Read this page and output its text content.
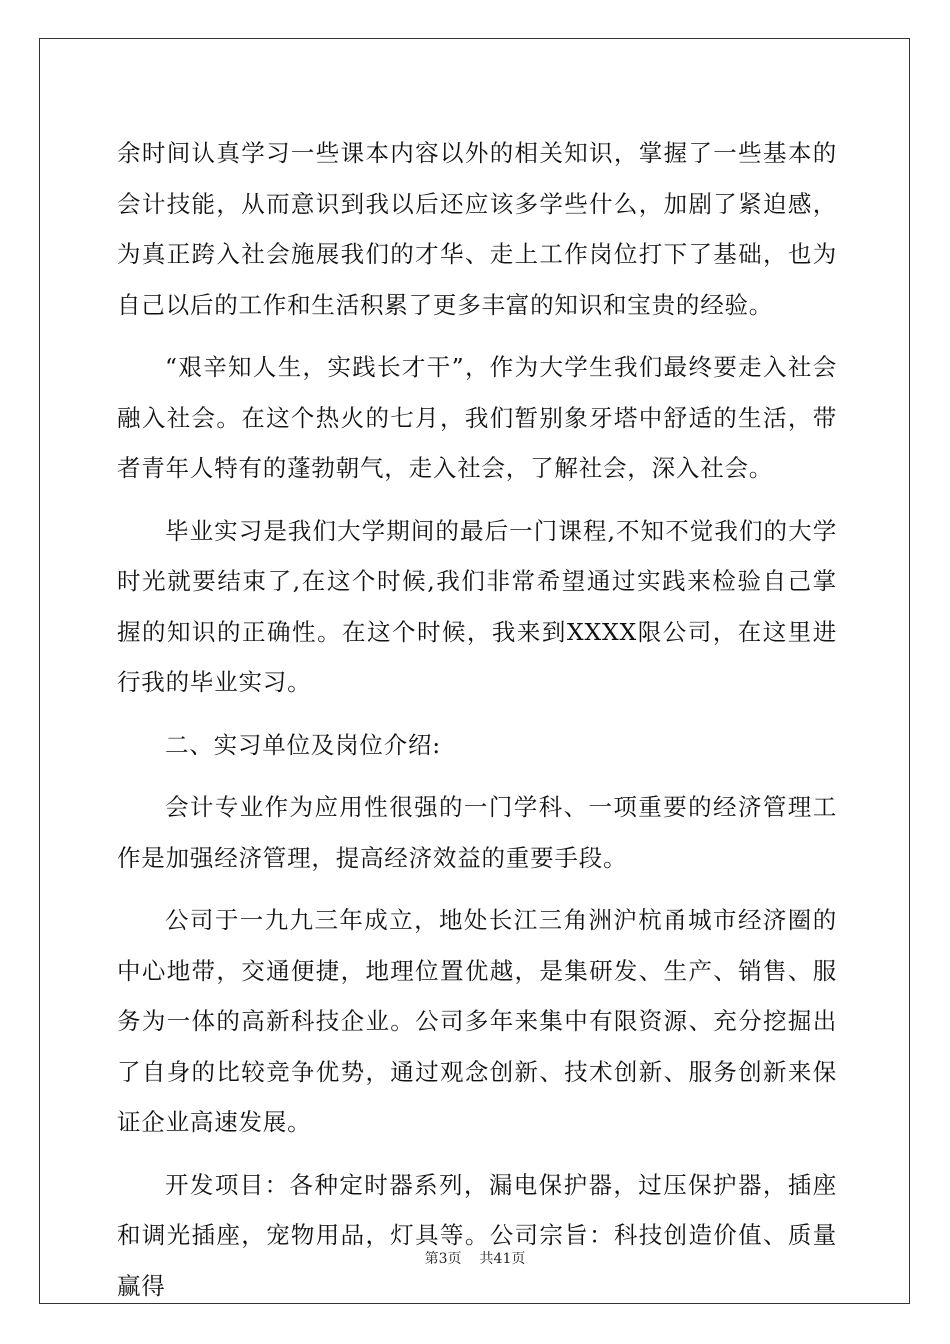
余时间认真学习一些课本内容以外的相关知识，掌握了一些基本的会计技能，从而意识到我以后还应该多学些什么，加剧了紧迫感，为真正跨入社会施展我们的才华、走上工作岗位打下了基础，也为自己以后的工作和生活积累了更多丰富的知识和宝贵的经验。

“艰辛知人生，实践长才干”，作为大学生我们最终要走入社会融入社会。在这个热火的七月，我们暂别象牙塔中舒适的生活，带者青年人特有的蓬勃朝气，走入社会，了解社会，深入社会。

毕业实习是我们大学期间的最后一门课程,不知不觉我们的大学时光就要结束了,在这个时候,我们非常希望通过实践来检验自己掌握的知识的正确性。在这个时候，我来到XXXX限公司，在这里进行我的毕业实习。

二、实习单位及岗位介绍:

会计专业作为应用性很强的一门学科、一项重要的经济管理工作是加强经济管理，提高经济效益的重要手段。

公司于一九九三年成立，地处长江三角洲沪杭甬城市经济圈的中心地带，交通便捷，地理位置优越，是集研发、生产、销售、服务为一体的高新科技企业。公司多年来集中有限资源、充分挖掘出了自身的比较竞争优势，通过观念创新、技术创新、服务创新来保证企业高速发展。

开发项目：各种定时器系列，漏电保护器，过压保护器，插座和调光插座，宠物用品，灯具等。公司宗旨：科技创造价值、质量赢得

第3页 共41页
